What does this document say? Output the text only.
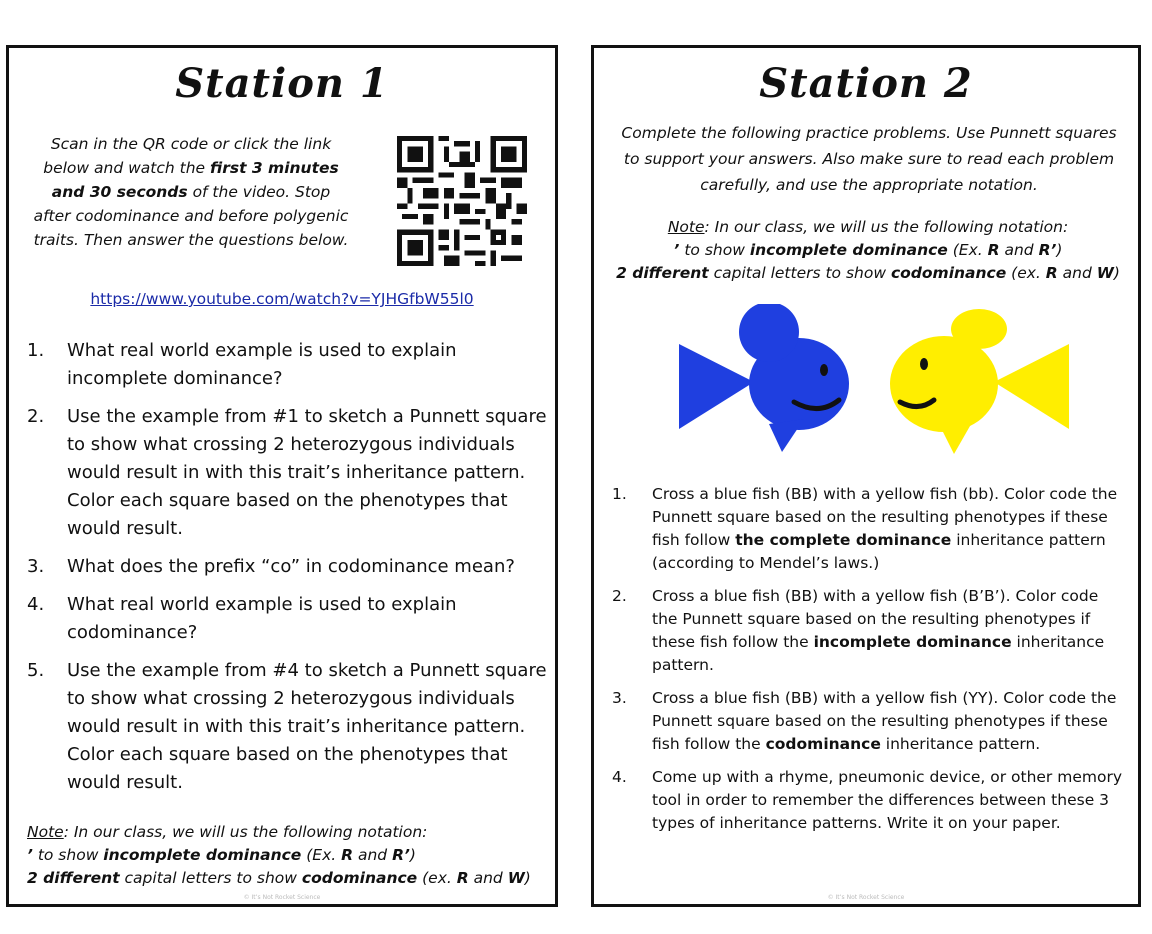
Station 1
Scan in the QR code or click the link below and watch the first 3 minutes and 30 seconds of the video. Stop after codominance and before polygenic traits. Then answer the questions below.
https://www.youtube.com/watch?v=YJHGfbW55l0
1.	What real world example is used to explain incomplete dominance?
2.	Use the example from #1 to sketch a Punnett square to show what crossing 2 heterozygous individuals would result in with this trait’s inheritance pattern. Color each square based on the phenotypes that would result.
3.	What does the prefix “co” in codominance mean?
4.	What real world example is used to explain codominance?
5.	Use the example from #4 to sketch a Punnett square to show what crossing 2 heterozygous individuals would result in with this trait’s inheritance pattern. Color each square based on the phenotypes that would result.
Note: In our class, we will us the following notation:
’ to show incomplete dominance (Ex. R and R’)
2 different capital letters to show codominance (ex. R and W)
© It’s Not Rocket Science
Station 2
Complete the following practice problems. Use Punnett squares to support your answers. Also make sure to read each problem carefully, and use the appropriate notation.
Note: In our class, we will us the following notation:
’ to show incomplete dominance (Ex. R and R’)
2 different capital letters to show codominance (ex. R and W)
1.	Cross a blue fish (BB) with a yellow fish (bb). Color code the Punnett square based on the resulting phenotypes if these fish follow the complete dominance inheritance pattern (according to Mendel’s laws.)
2.	Cross a blue fish (BB) with a yellow fish (B’B’). Color code the Punnett square based on the resulting phenotypes if these fish follow the incomplete dominance inheritance pattern.
3.	Cross a blue fish (BB) with a yellow fish (YY). Color code the Punnett square based on the resulting phenotypes if these fish follow the codominance inheritance pattern.
4.	Come up with a rhyme, pneumonic device, or other memory tool in order to remember the differences between these 3 types of inheritance patterns. Write it on your paper.
© It’s Not Rocket Science
